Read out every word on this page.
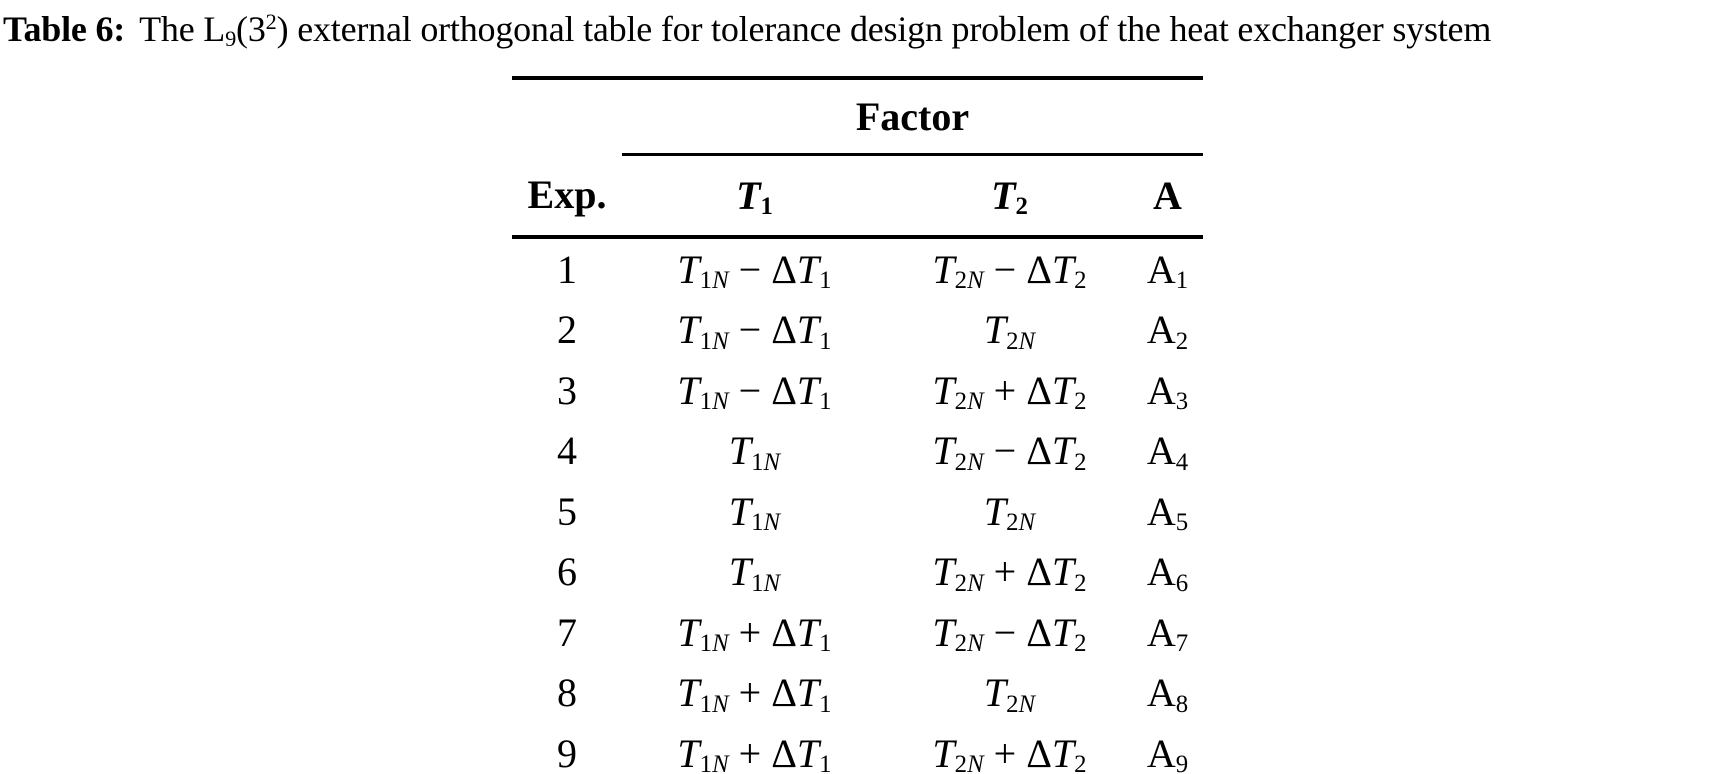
Table 6: The $L_9(3^2)$ external orthogonal table for tolerance design problem of the heat exchanger system
	Factor		
Exp.	$T_1$	$T_2$	A
1	$T_{1N} - \Delta T_1$	$T_{2N} - \Delta T_2$	$A_1$
2	$T_{1N} - \Delta T_1$	$T_{2N}$	$A_2$
3	$T_{1N} - \Delta T_1$	$T_{2N} + \Delta T_2$	$A_3$
4	$T_{1N}$	$T_{2N} - \Delta T_2$	$A_4$
5	$T_{1N}$	$T_{2N}$	$A_5$
6	$T_{1N}$	$T_{2N} + \Delta T_2$	$A_6$
7	$T_{1N} + \Delta T_1$	$T_{2N} - \Delta T_2$	$A_7$
8	$T_{1N} + \Delta T_1$	$T_{2N}$	$A_8$
9	$T_{1N} + \Delta T_1$	$T_{2N} + \Delta T_2$	$A_9$
